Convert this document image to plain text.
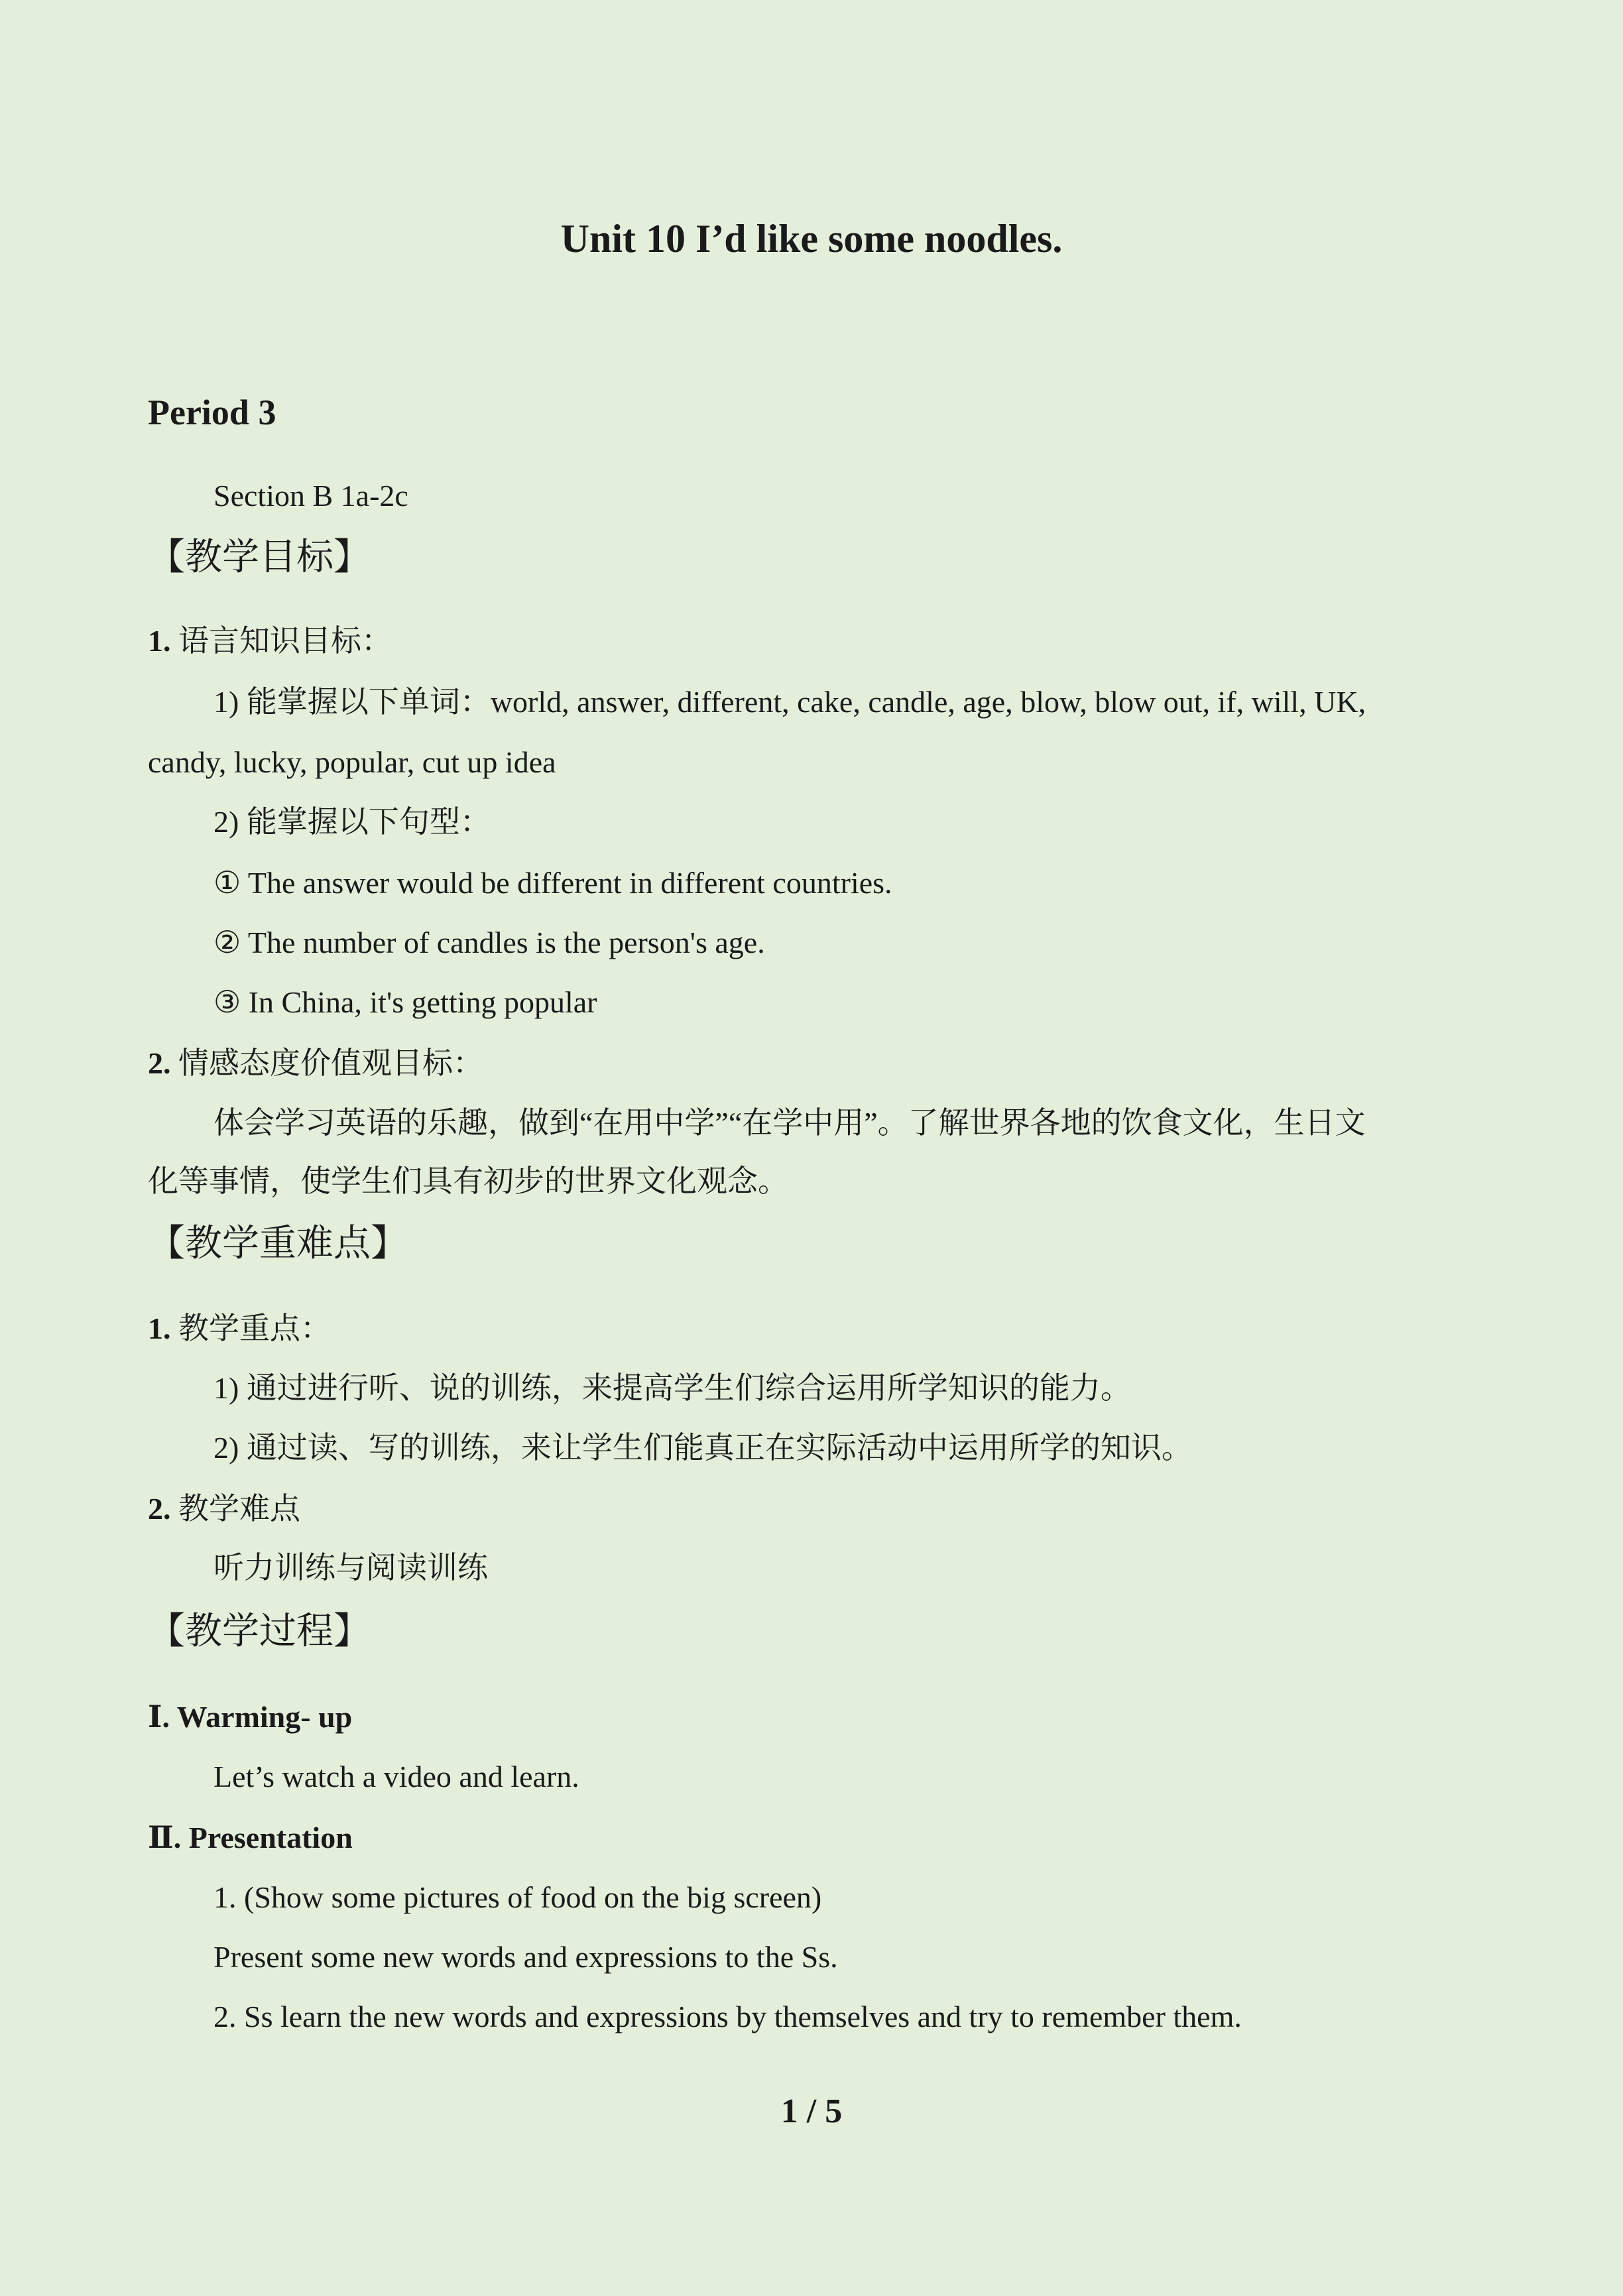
Unit 10 I’d like some noodles.
Period 3
Section B 1a-2c
【教学目标】
1. 语言知识目标：
1) 能掌握以下单词：world, answer, different, cake, candle, age, blow, blow out, if, will, UK,
candy, lucky, popular, cut up idea
2) 能掌握以下句型：
① The answer would be different in different countries.
② The number of candles is the person's age.
③ In China, it's getting popular
2. 情感态度价值观目标：
体会学习英语的乐趣，做到“在用中学”“在学中用”。了解世界各地的饮食文化，生日文
化等事情，使学生们具有初步的世界文化观念。
【教学重难点】
1. 教学重点：
1) 通过进行听、说的训练，来提高学生们综合运用所学知识的能力。
2) 通过读、写的训练，来让学生们能真正在实际活动中运用所学的知识。
2. 教学难点
听力训练与阅读训练
【教学过程】
Ⅰ. Warming- up
Let’s watch a video and learn.
Ⅱ. Presentation
1. (Show some pictures of food on the big screen)
Present some new words and expressions to the Ss.
2. Ss learn the new words and expressions by themselves and try to remember them.
1 / 5
